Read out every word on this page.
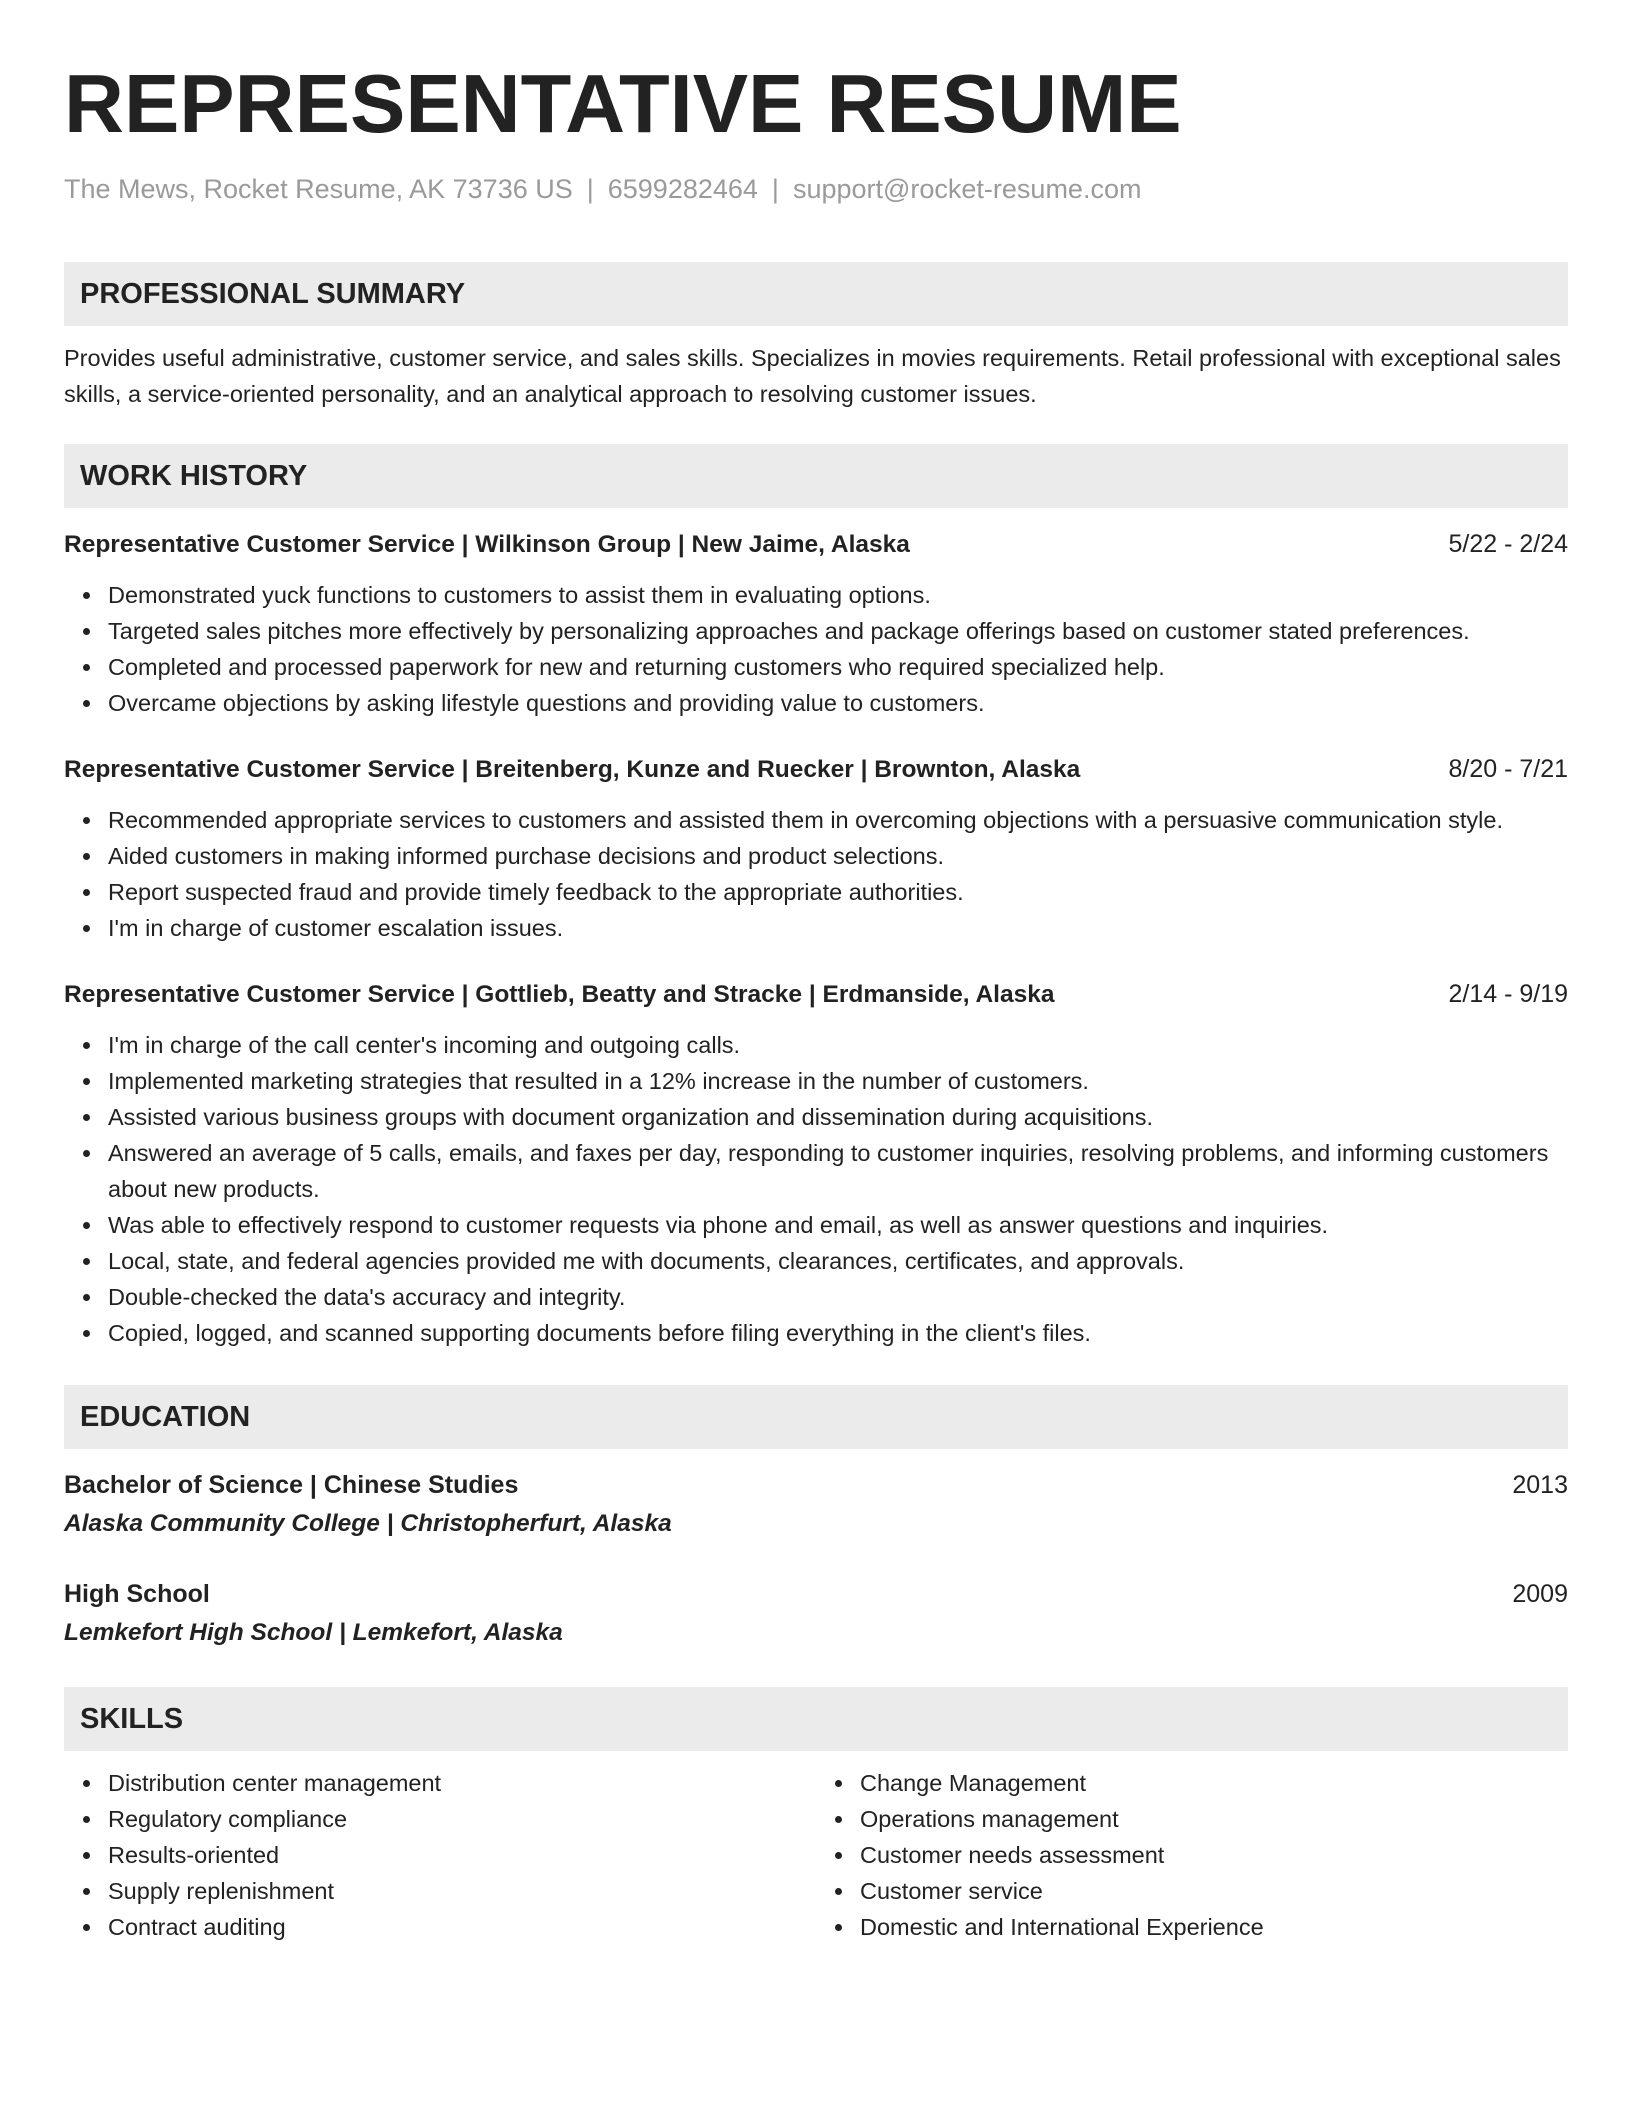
REPRESENTATIVE RESUME
The Mews, Rocket Resume, AK 73736 US | 6599282464 | support@rocket-resume.com
PROFESSIONAL SUMMARY
Provides useful administrative, customer service, and sales skills. Specializes in movies requirements. Retail professional with exceptional sales skills, a service-oriented personality, and an analytical approach to resolving customer issues.
WORK HISTORY
Representative Customer Service | Wilkinson Group | New Jaime, Alaska	5/22 - 2/24
Demonstrated yuck functions to customers to assist them in evaluating options.
Targeted sales pitches more effectively by personalizing approaches and package offerings based on customer stated preferences.
Completed and processed paperwork for new and returning customers who required specialized help.
Overcame objections by asking lifestyle questions and providing value to customers.
Representative Customer Service | Breitenberg, Kunze and Ruecker | Brownton, Alaska	8/20 - 7/21
Recommended appropriate services to customers and assisted them in overcoming objections with a persuasive communication style.
Aided customers in making informed purchase decisions and product selections.
Report suspected fraud and provide timely feedback to the appropriate authorities.
I'm in charge of customer escalation issues.
Representative Customer Service | Gottlieb, Beatty and Stracke | Erdmanside, Alaska	2/14 - 9/19
I'm in charge of the call center's incoming and outgoing calls.
Implemented marketing strategies that resulted in a 12% increase in the number of customers.
Assisted various business groups with document organization and dissemination during acquisitions.
Answered an average of 5 calls, emails, and faxes per day, responding to customer inquiries, resolving problems, and informing customers about new products.
Was able to effectively respond to customer requests via phone and email, as well as answer questions and inquiries.
Local, state, and federal agencies provided me with documents, clearances, certificates, and approvals.
Double-checked the data's accuracy and integrity.
Copied, logged, and scanned supporting documents before filing everything in the client's files.
EDUCATION
Bachelor of Science | Chinese Studies	2013
Alaska Community College | Christopherfurt, Alaska
High School	2009
Lemkefort High School | Lemkefort, Alaska
SKILLS
Distribution center management
Regulatory compliance
Results-oriented
Supply replenishment
Contract auditing
Change Management
Operations management
Customer needs assessment
Customer service
Domestic and International Experience
